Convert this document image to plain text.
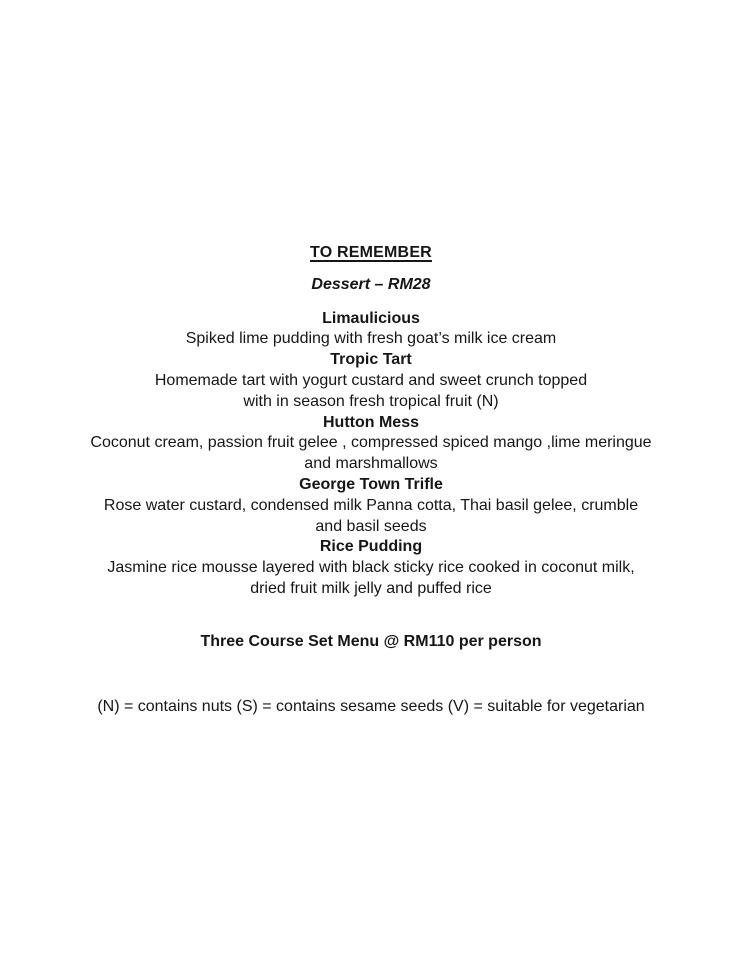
TO REMEMBER
Dessert – RM28
Limaulicious
Spiked lime pudding with fresh goat’s milk ice cream
Tropic Tart
Homemade tart with yogurt custard and sweet crunch topped
with in season fresh tropical fruit (N)
Hutton Mess
Coconut cream, passion fruit gelee , compressed spiced mango ,lime meringue
and marshmallows
George Town Trifle
Rose water custard, condensed milk Panna cotta, Thai basil gelee, crumble
and basil seeds
Rice Pudding
Jasmine rice mousse layered with black sticky rice cooked in coconut milk,
dried fruit milk jelly and puffed rice
Three Course Set Menu @ RM110 per person
(N) = contains nuts (S) = contains sesame seeds (V) = suitable for vegetarian
